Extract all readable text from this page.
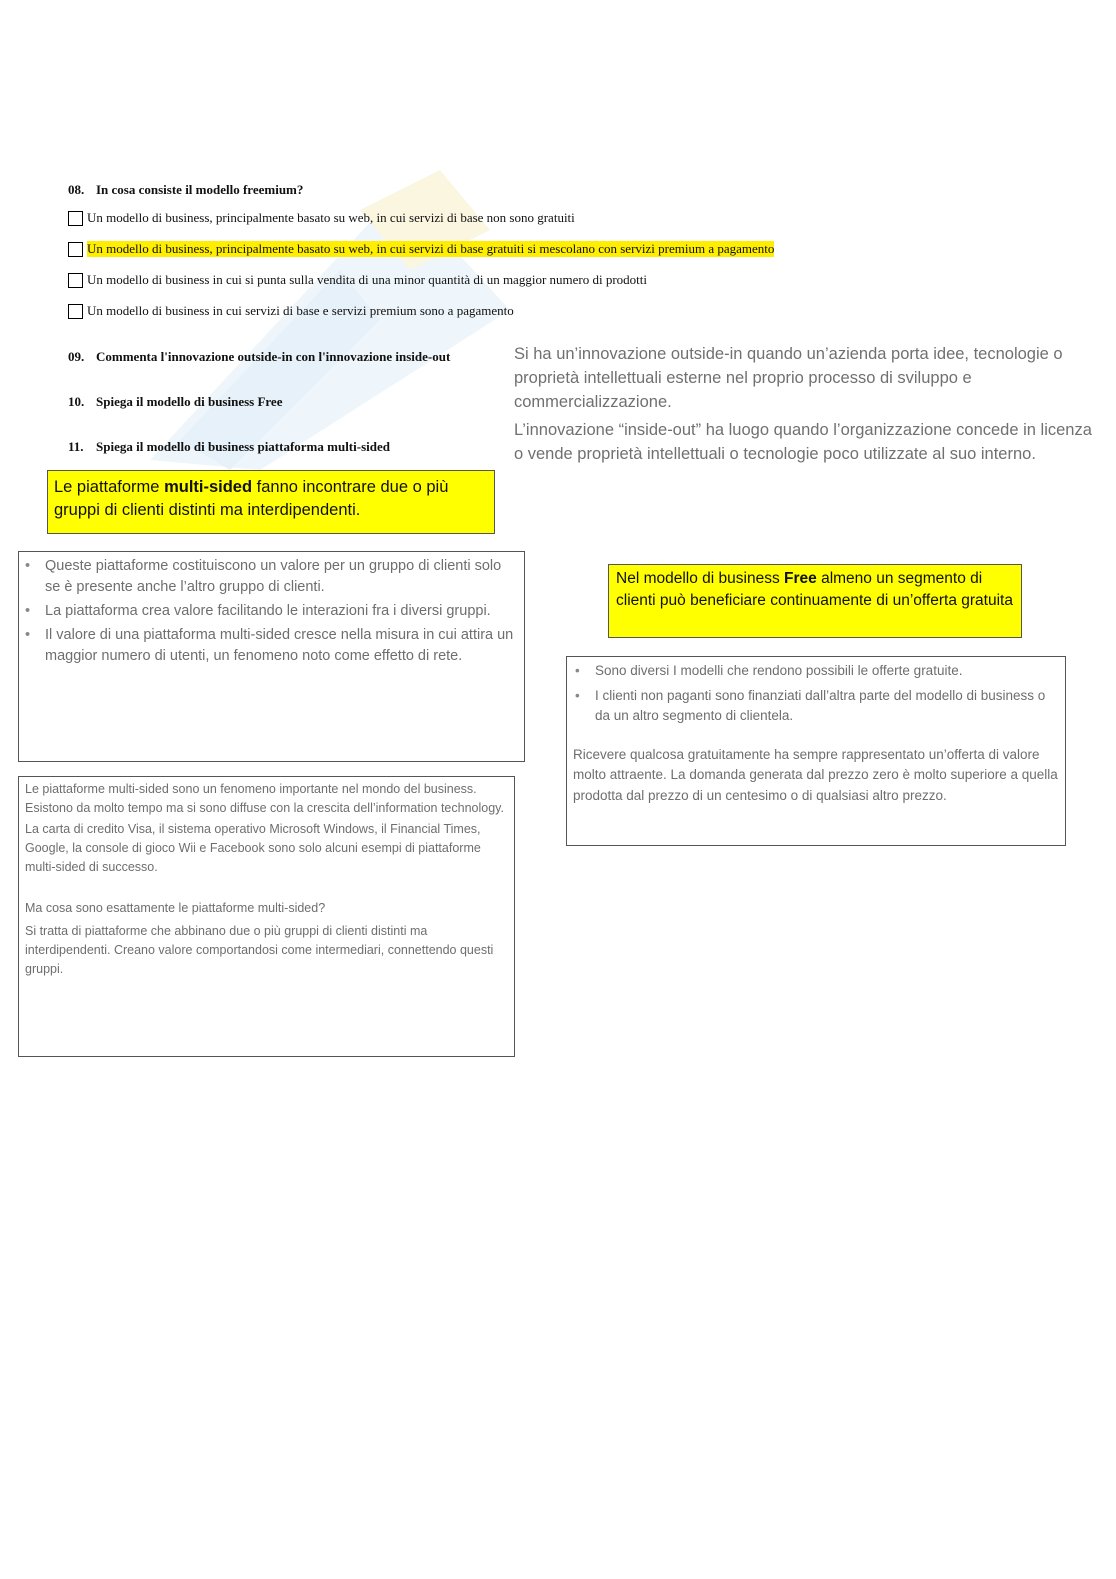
08. In cosa consiste il modello freemium?
Un modello di business, principalmente basato su web, in cui servizi di base non sono gratuiti
Un modello di business, principalmente basato su web, in cui servizi di base gratuiti si mescolano con servizi premium a pagamento
Un modello di business in cui si punta sulla vendita di una minor quantità di un maggior numero di prodotti
Un modello di business in cui servizi di base e servizi premium sono a pagamento
09. Commenta l'innovazione outside-in con l'innovazione inside-out
10. Spiega il modello di business Free
11. Spiega il modello di business piattaforma multi-sided

Si ha un’innovazione outside-in quando un’azienda porta idee, tecnologie o proprietà intellettuali esterne nel proprio processo di sviluppo e commercializzazione.

L’innovazione “inside-out” ha luogo quando l’organizzazione concede in licenza o vende proprietà intellettuali o tecnologie poco utilizzate al suo interno.

Le piattaforme multi-sided fanno incontrare due o più gruppi di clienti distinti ma interdipendenti.
• Queste piattaforme costituiscono un valore per un gruppo di clienti solo se è presente anche l’altro gruppo di clienti.
• La piattaforma crea valore facilitando le interazioni fra i diversi gruppi.
• Il valore di una piattaforma multi-sided cresce nella misura in cui attira un maggior numero di utenti, un fenomeno noto come effetto di rete.

Le piattaforme multi-sided sono un fenomeno importante nel mondo del business. Esistono da molto tempo ma si sono diffuse con la crescita dell’information technology.

La carta di credito Visa, il sistema operativo Microsoft Windows, il Financial Times, Google, la console di gioco Wii e Facebook sono solo alcuni esempi di piattaforme multi-sided di successo.

Ma cosa sono esattamente le piattaforme multi-sided?

Si tratta di piattaforme che abbinano due o più gruppi di clienti distinti ma interdipendenti. Creano valore comportandosi come intermediari, connettendo questi gruppi.

Nel modello di business Free almeno un segmento di clienti può beneficiare continuamente di un’offerta gratuita
• Sono diversi I modelli che rendono possibili le offerte gratuite.
• I clienti non paganti sono finanziati dall’altra parte del modello di business o da un altro segmento di clientela.

Ricevere qualcosa gratuitamente ha sempre rappresentato un’offerta di valore molto attraente. La domanda generata dal prezzo zero è molto superiore a quella prodotta dal prezzo di un centesimo o di qualsiasi altro prezzo.
